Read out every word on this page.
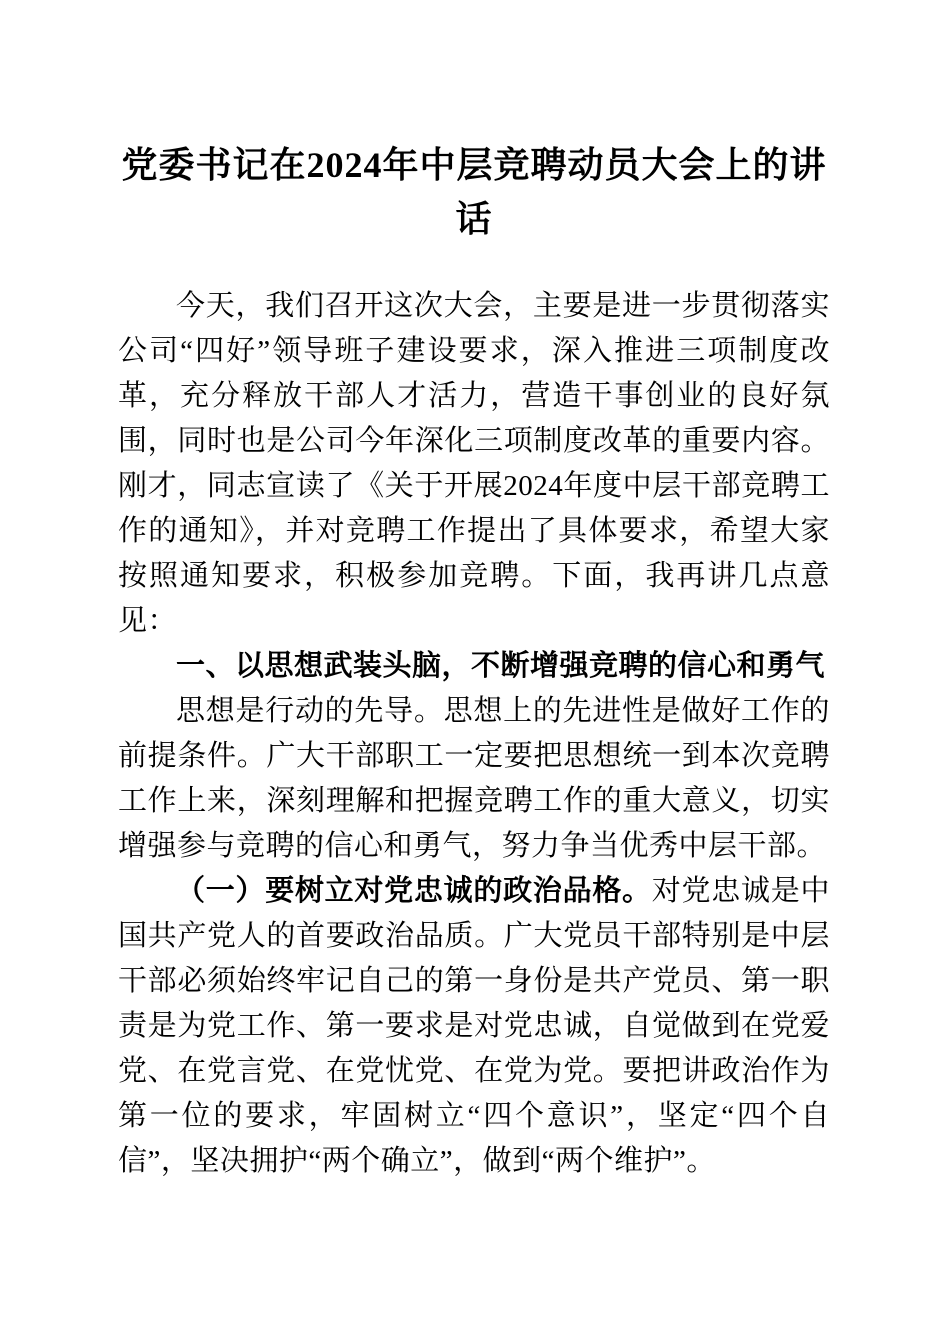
党委书记在2024年中层竞聘动员大会上的讲话

今天，我们召开这次大会，主要是进一步贯彻落实公司“四好”领导班子建设要求，深入推进三项制度改革，充分释放干部人才活力，营造干事创业的良好氛围，同时也是公司今年深化三项制度改革的重要内容。刚才，同志宣读了《关于开展2024年度中层干部竞聘工作的通知》，并对竞聘工作提出了具体要求，希望大家按照通知要求，积极参加竞聘。下面，我再讲几点意见：

一、以思想武装头脑，不断增强竞聘的信心和勇气

思想是行动的先导。思想上的先进性是做好工作的前提条件。广大干部职工一定要把思想统一到本次竞聘工作上来，深刻理解和把握竞聘工作的重大意义，切实增强参与竞聘的信心和勇气，努力争当优秀中层干部。

（一）要树立对党忠诚的政治品格。对党忠诚是中国共产党人的首要政治品质。广大党员干部特别是中层干部必须始终牢记自己的第一身份是共产党员、第一职责是为党工作、第一要求是对党忠诚，自觉做到在党爱党、在党言党、在党忧党、在党为党。要把讲政治作为第一位的要求，牢固树立“四个意识”，坚定“四个自信”，坚决拥护“两个确立”，做到“两个维护”。
